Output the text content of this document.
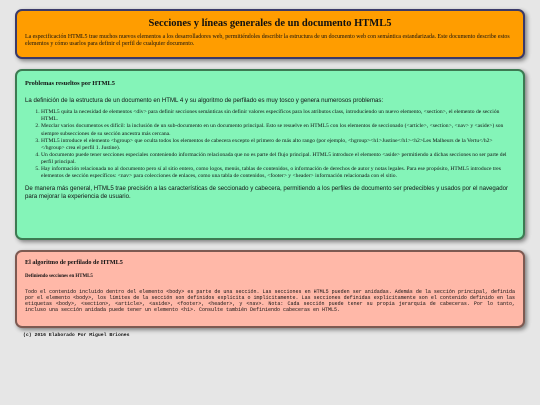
Secciones y líneas generales de un documento HTML5

La especificación HTML5 trae muchos nuevos elementos a los desarrolladores web, permitiéndoles describir la estructura de un documento web con semántica estandarizada. Este documento describe estos elementos y cómo usarlos para definir el perfil de cualquier documento.

Problemas resueltos por HTML5

La definición de la estructura de un documento en HTML 4 y su algoritmo de perfilado es muy tosco y genera numerosos problemas:

1. HTML5 quita la necesidad de elementos <div> para definir secciones semánticas sin definir valores específicos para los atributos class, introduciendo un nuevo elemento, <section>, el elemento de sección HTML.
2. Mezclar varios documentos es difícil: la inclusión de un sub-documento en un documento principal. Esto se resuelve en HTML5 con los elementos de seccionado (<article>, <section>, <nav> y <aside>) son siempre subsecciones de su sección ancestra más cercana.
3. HTML5 introduce el elemento <hgroup> que oculta todos los elementos de cabecera excepto el primero de más alto rango (por ejemplo, <hgroup><h1>Justine</h1><h2>Les Malheurs de la Vertu</h2></hgroup> crea el perfil 1. Justine).
4. Un documento puede tener secciones especiales conteniendo información relacionada que no es parte del flujo principal. HTML5 introduce el elemento <aside> permitiendo a dichas secciones no ser parte del perfil principal.
5. Hay información relacionada no al documento pero sí al sitio entero, como logos, menús, tablas de contenidos, o información de derechos de autor y notas legales. Para ese propósito, HTML5 introduce tres elementos de sección específicos: <nav> para colecciones de enlaces, como una tabla de contenidos, <footer> y <header> información relacionada con el sitio.

De manera más general, HTML5 trae precisión a las características de seccionado y cabecera, permitiendo a los perfiles de documento ser predecibles y usados por el navegador para mejorar la experiencia de usuario.

El algoritmo de perfilado de HTML5
Definiendo secciones en HTML5

Todo el contenido incluido dentro del elemento <body> es parte de una sección. Las secciones en HTML5 pueden ser anidadas. Además de la sección principal, definida por el elemento <body>, los límites de la sección son definidos explícita o implícitamente. Las secciones definidas explícitamente son el contenido definido en las etiquetas <body>, <section>, <article>, <aside>, <footer>, <header>, y <nav>. Nota: Cada sección puede tener su propia jerarquía de cabeceras. Por lo tanto, incluso una sección anidada puede tener un elemento <h1>. Consulte también Definiendo cabeceras en HTML5.

(c) 2016 Elaborado Por Miguel Briones
